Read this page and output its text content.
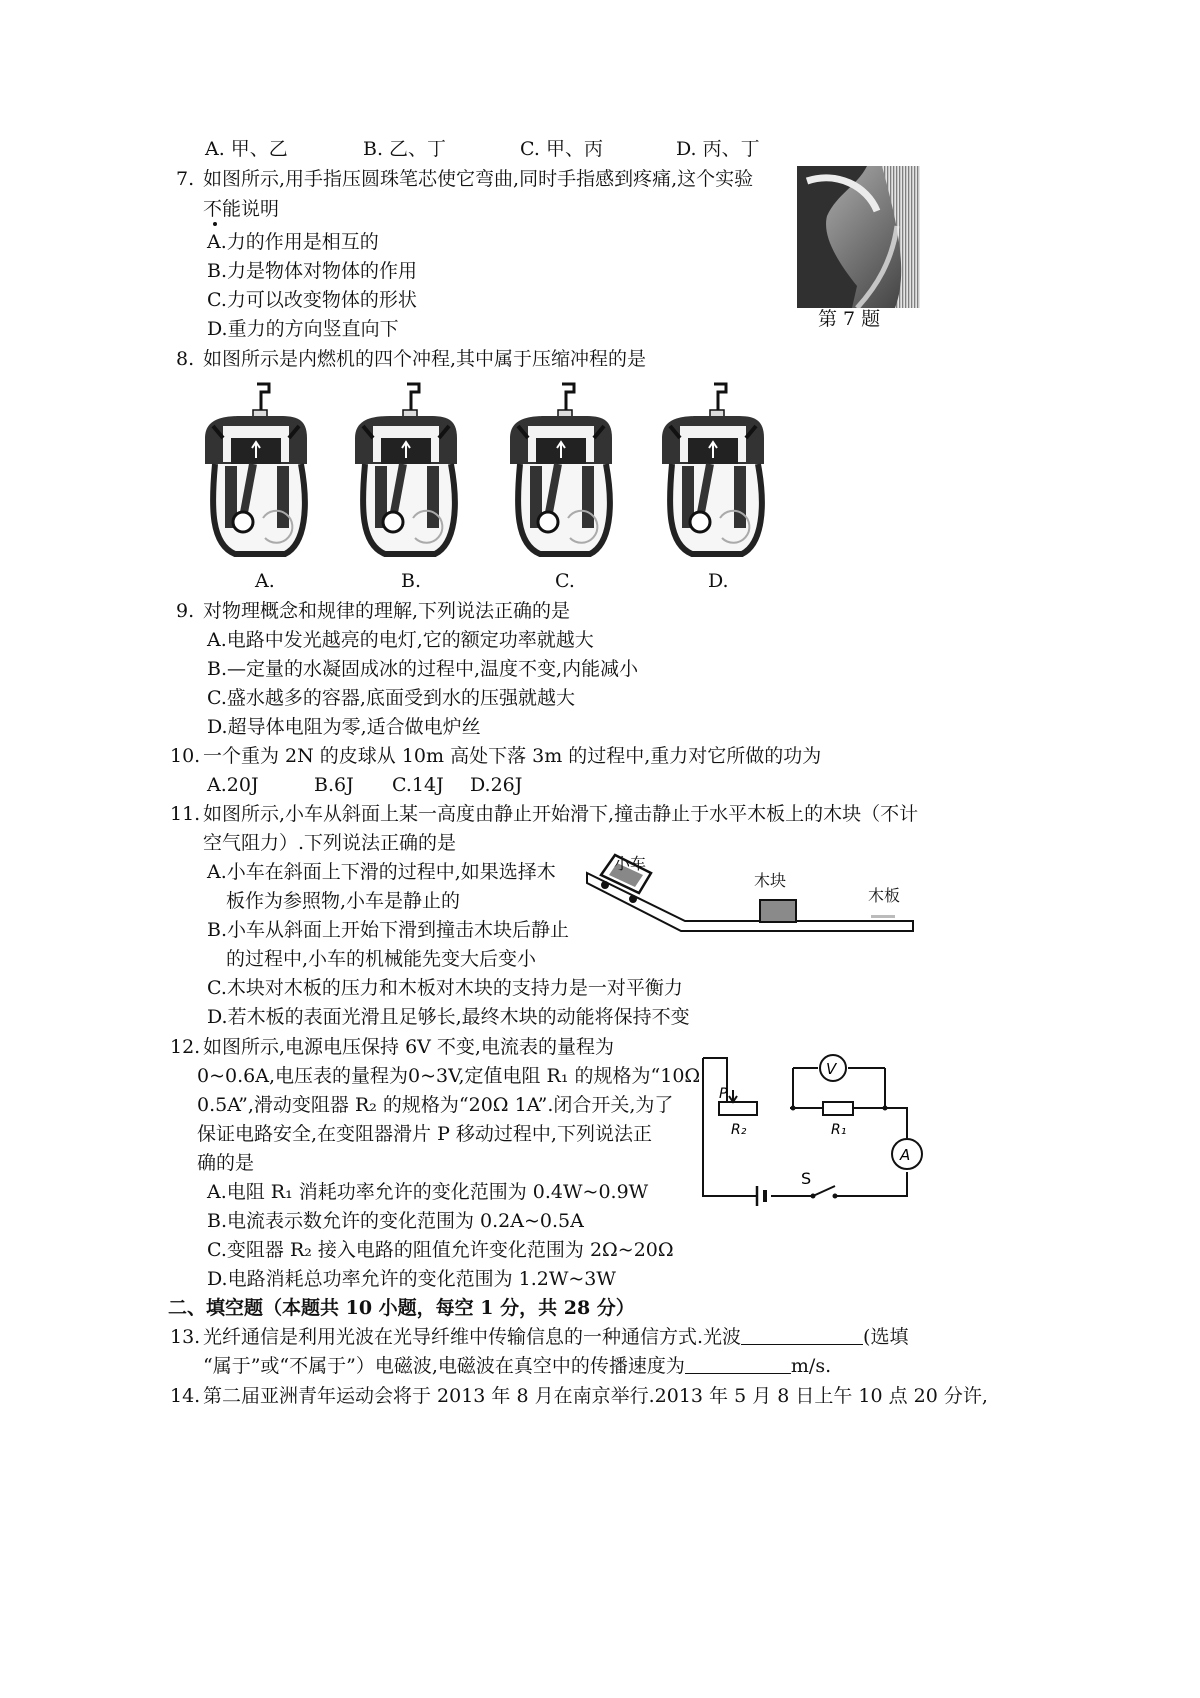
A. 甲、乙	B. 乙、丁	C. 甲、丙	D. 丙、丁
7. 如图所示,用手指压圆珠笔芯使它弯曲,同时手指感到疼痛,这个实验
不能说明
A.力的作用是相互的
B.力是物体对物体的作用
C.力可以改变物体的形状
D.重力的方向竖直向下	第 7 题
8. 如图所示是内燃机的四个冲程,其中属于压缩冲程的是
A.	B.	C.	D.
9. 对物理概念和规律的理解,下列说法正确的是
A.电路中发光越亮的电灯,它的额定功率就越大
B.—定量的水凝固成冰的过程中,温度不变,内能减小
C.盛水越多的容器,底面受到水的压强就越大
D.超导体电阻为零,适合做电炉丝
10. 一个重为 2N 的皮球从 10m 高处下落 3m 的过程中,重力对它所做的功为
A.20J	B.6J C.14J D.26J
11. 如图所示,小车从斜面上某一高度由静止开始滑下,撞击静止于水平木板上的木块（不计
空气阻力）.下列说法正确的是
A.小车在斜面上下滑的过程中,如果选择木
板作为参照物,小车是静止的
B.小车从斜面上开始下滑到撞击木块后静止
的过程中,小车的机械能先变大后变小
C.木块对木板的压力和木板对木块的支持力是一对平衡力
D.若木板的表面光滑且足够长,最终木块的动能将保持不变
小车
木块
木板
12. 如图所示,电源电压保持 6V 不变,电流表的量程为
0~0.6A,电压表的量程为0~3V,定值电阻 R₁ 的规格为“10Ω
0.5A”,滑动变阻器 R₂ 的规格为“20Ω 1A”.闭合开关,为了
保证电路安全,在变阻器滑片 P 移动过程中,下列说法正
确的是
A.电阻 R₁ 消耗功率允许的变化范围为 0.4W~0.9W
B.电流表示数允许的变化范围为 0.2A~0.5A
C.变阻器 R₂ 接入电路的阻值允许变化范围为 2Ω~20Ω
D.电路消耗总功率允许的变化范围为 1.2W~3W
V
A
P
R₂	R₁
S
二、填空题（本题共 10 小题，每空 1 分，共 28 分）
13. 光纤通信是利用光波在光导纤维中传输信息的一种通信方式.光波	(选填
“属于”或“不属于”）电磁波,电磁波在真空中的传播速度为	m/s.
14. 第二届亚洲青年运动会将于 2013 年 8 月在南京举行.2013 年 5 月 8 日上午 10 点 20 分许,
